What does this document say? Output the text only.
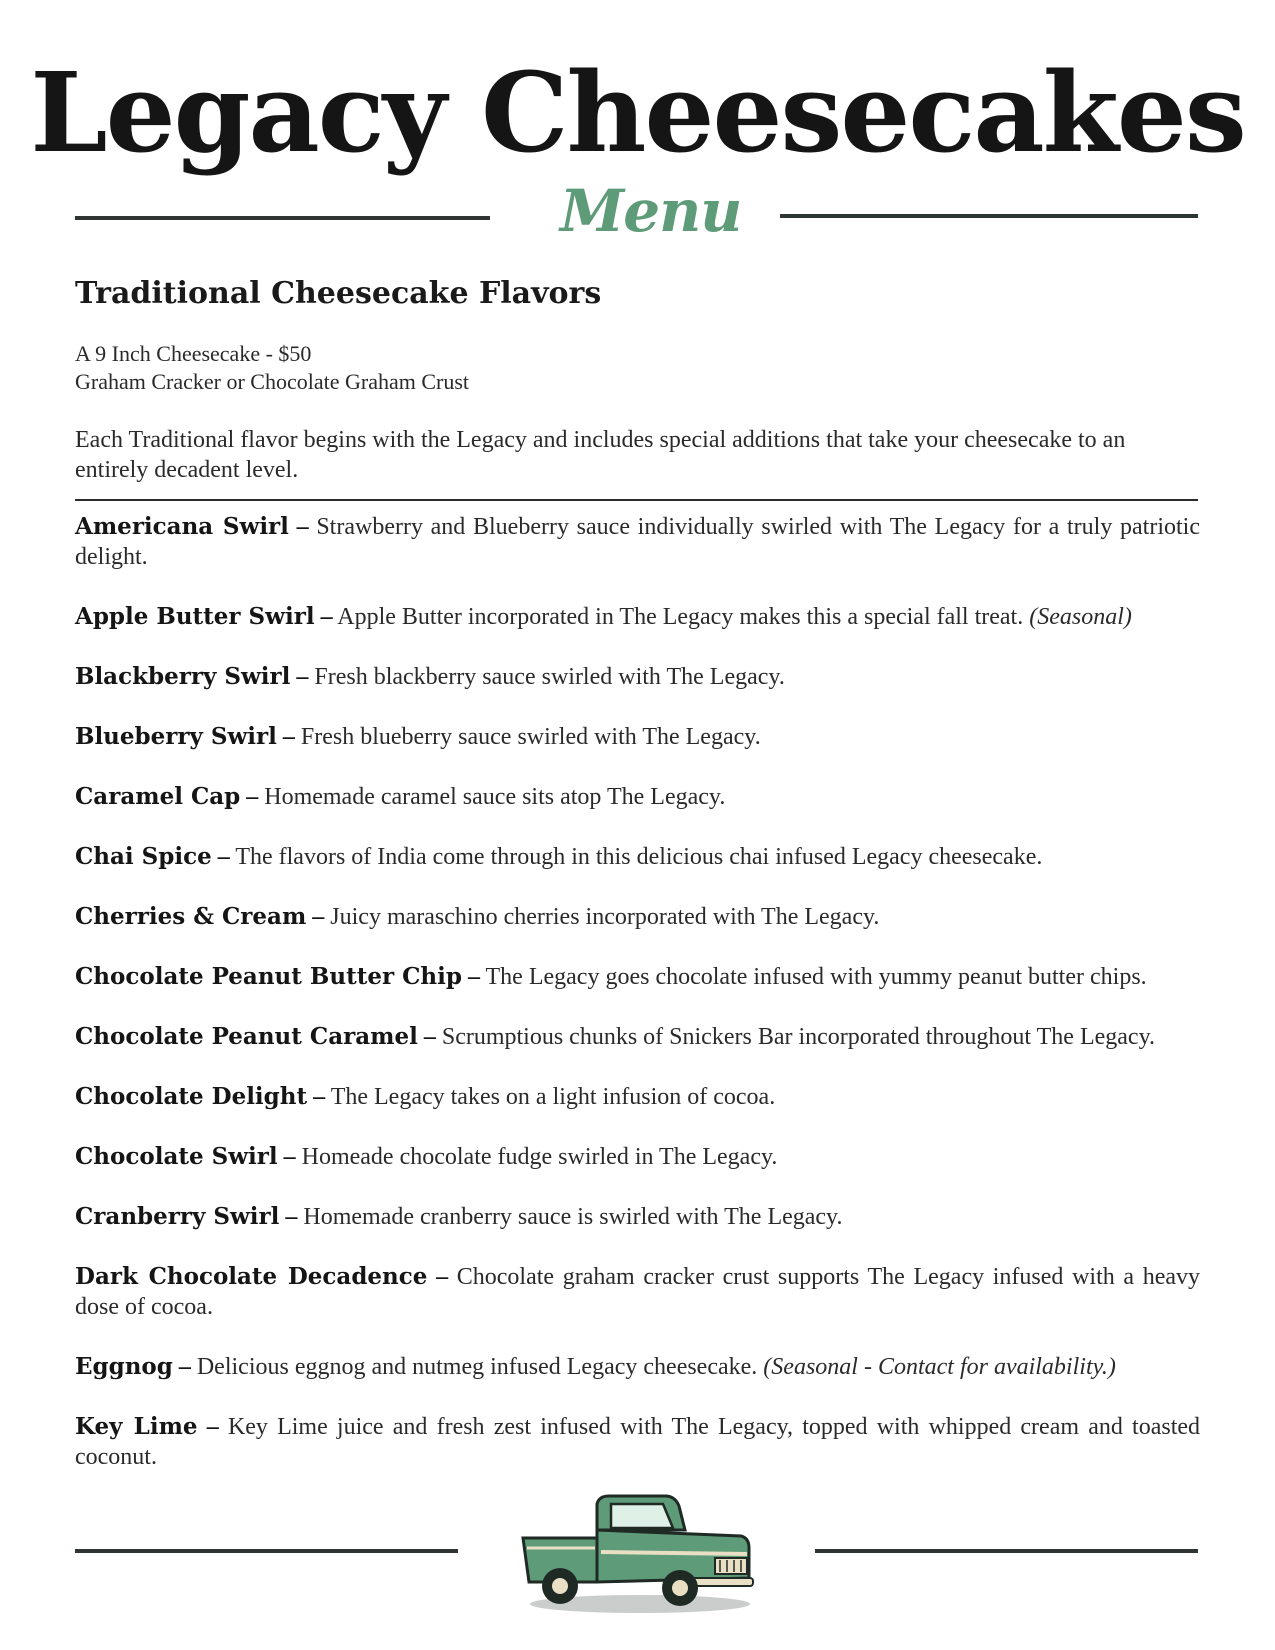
Legacy Cheesecakes
Menu
Traditional Cheesecake Flavors
A 9 Inch Cheesecake - $50
Graham Cracker or Chocolate Graham Crust
Each Traditional flavor begins with the Legacy and includes special additions that take your cheesecake to an entirely decadent level.
Americana Swirl – Strawberry and Blueberry sauce individually swirled with The Legacy for a truly patriotic delight.
Apple Butter Swirl – Apple Butter incorporated in The Legacy makes this a special fall treat. (Seasonal)
Blackberry Swirl – Fresh blackberry sauce swirled with The Legacy.
Blueberry Swirl – Fresh blueberry sauce swirled with The Legacy.
Caramel Cap – Homemade caramel sauce sits atop The Legacy.
Chai Spice – The flavors of India come through in this delicious chai infused Legacy cheesecake.
Cherries & Cream – Juicy maraschino cherries incorporated with The Legacy.
Chocolate Peanut Butter Chip – The Legacy goes chocolate infused with yummy peanut butter chips.
Chocolate Peanut Caramel – Scrumptious chunks of Snickers Bar incorporated throughout The Legacy.
Chocolate Delight – The Legacy takes on a light infusion of cocoa.
Chocolate Swirl – Homeade chocolate fudge swirled in The Legacy.
Cranberry Swirl – Homemade cranberry sauce is swirled with The Legacy.
Dark Chocolate Decadence – Chocolate graham cracker crust supports The Legacy infused with a heavy dose of cocoa.
Eggnog – Delicious eggnog and nutmeg infused Legacy cheesecake. (Seasonal - Contact for availability.)
Key Lime – Key Lime juice and fresh zest infused with The Legacy, topped with whipped cream and toasted coconut.
